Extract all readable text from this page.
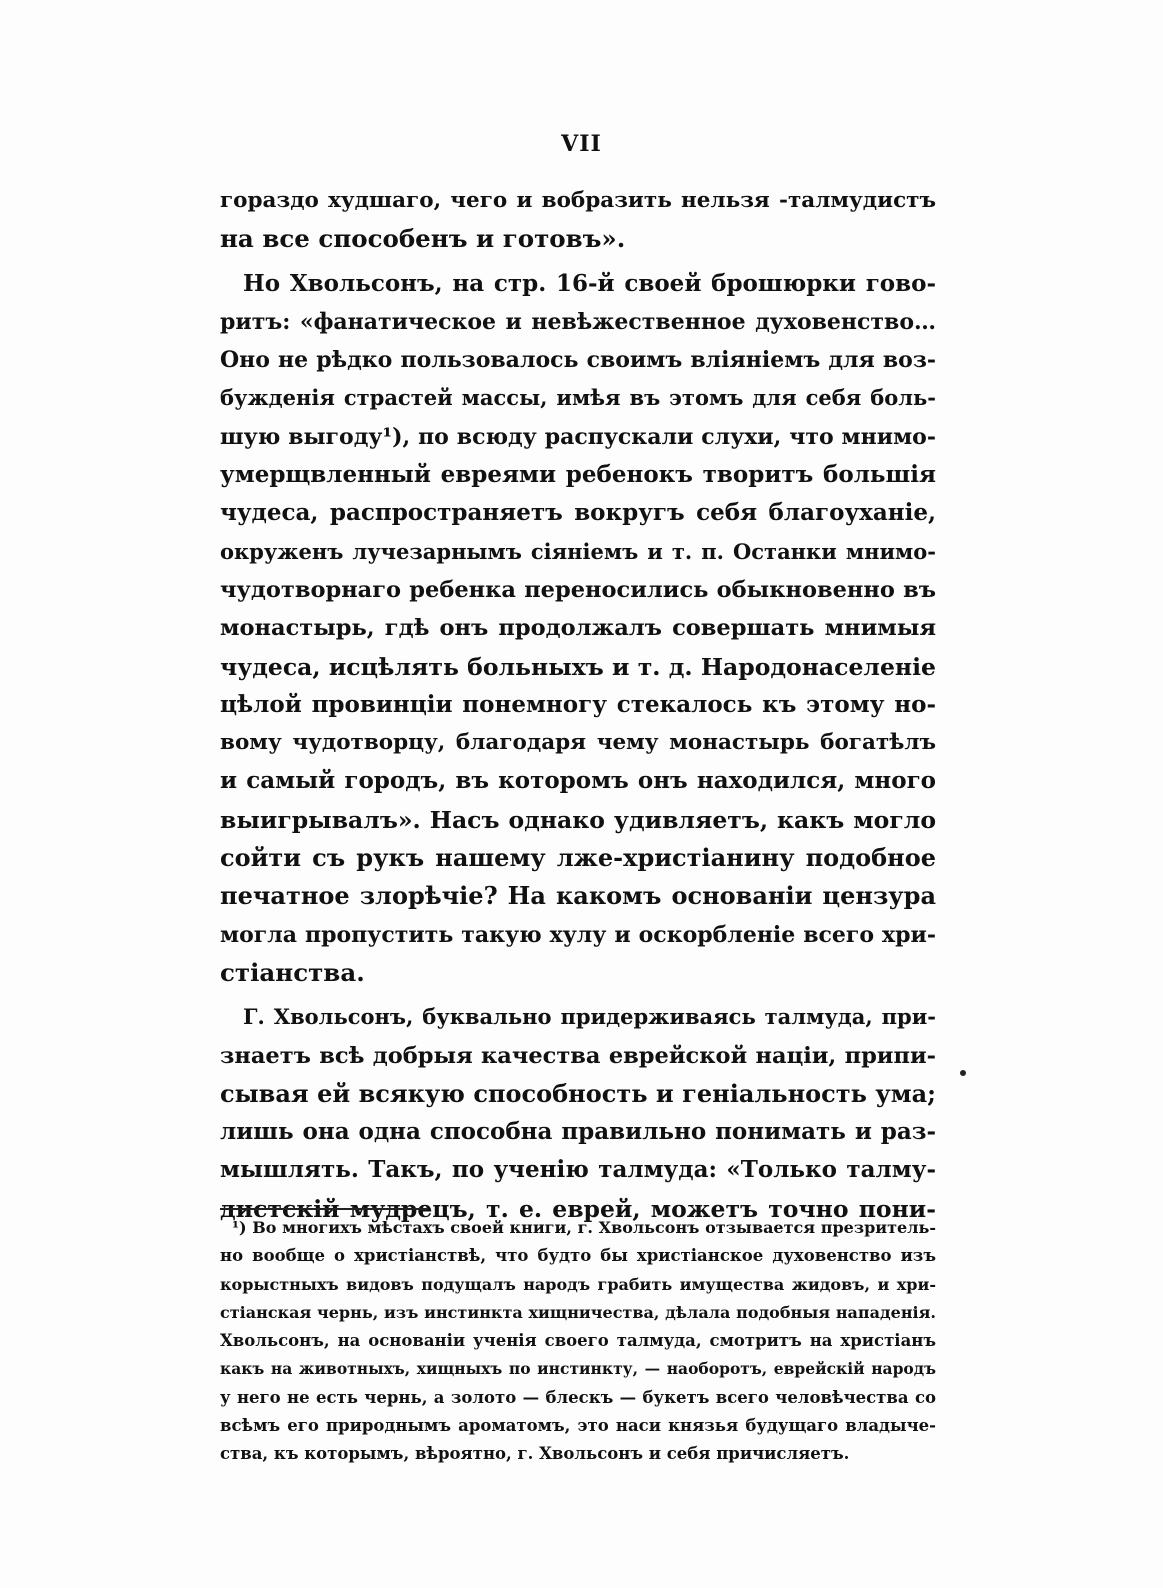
VII
гораздо худшаго, чего и вобразить нельзя -талмудистъ
на все способенъ и готовъ».
Но Хвольсонъ, на стр. 16-й своей брошюрки гово-
ритъ: «фанатическое и невѣжественное духовенство…
Оно не рѣдко пользовалось своимъ вліяніемъ для воз-
бужденія страстей массы, имѣя въ этомъ для себя боль-
шую выгоду¹), по всюду распускали слухи, что мнимо-
умерщвленный евреями ребенокъ творитъ большія
чудеса, распространяетъ вокругъ себя благоуханіе,
окруженъ лучезарнымъ сіяніемъ и т. п. Останки мнимо-
чудотворнаго ребенка переносились обыкновенно въ
монастырь, гдѣ онъ продолжалъ совершать мнимыя
чудеса, исцѣлять больныхъ и т. д. Народонаселеніе
цѣлой провинціи понемногу стекалось къ этому но-
вому чудотворцу, благодаря чему монастырь богатѣлъ
и самый городъ, въ которомъ онъ находился, много
выигрывалъ». Насъ однако удивляетъ, какъ могло
сойти съ рукъ нашему лже-христіанину подобное
печатное злорѣчіе? На какомъ основаніи цензура
могла пропустить такую хулу и оскорбленіе всего хри-
стіанства.
Г. Хвольсонъ, буквально придерживаясь талмуда, при-
знаетъ всѣ добрыя качества еврейской націи, припи-
сывая ей всякую способность и геніальность ума;
лишь она одна способна правильно понимать и раз-
мышлять. Такъ, по ученію талмуда: «Только талму-
дистскій мудрецъ, т. е. еврей, можетъ точно пони-
¹) Во многихъ мѣстахъ своей книги, г. Хвольсонъ отзывается презритель-
но вообще о христіанствѣ, что будто бы христіанское духовенство изъ
корыстныхъ видовъ подущалъ народъ грабить имущества жидовъ, и хри-
стіанская чернь, изъ инстинкта хищничества, дѣлала подобныя нападенія.
Хвольсонъ, на основаніи ученія своего талмуда, смотритъ на христіанъ
какъ на животныхъ, хищныхъ по инстинкту, — наоборотъ, еврейскій народъ
у него не есть чернь, а золото — блескъ — букетъ всего человѣчества со
всѣмъ его природнымъ ароматомъ, это наси князья будущаго владыче-
ства, къ которымъ, вѣроятно, г. Хвольсонъ и себя причисляетъ.
